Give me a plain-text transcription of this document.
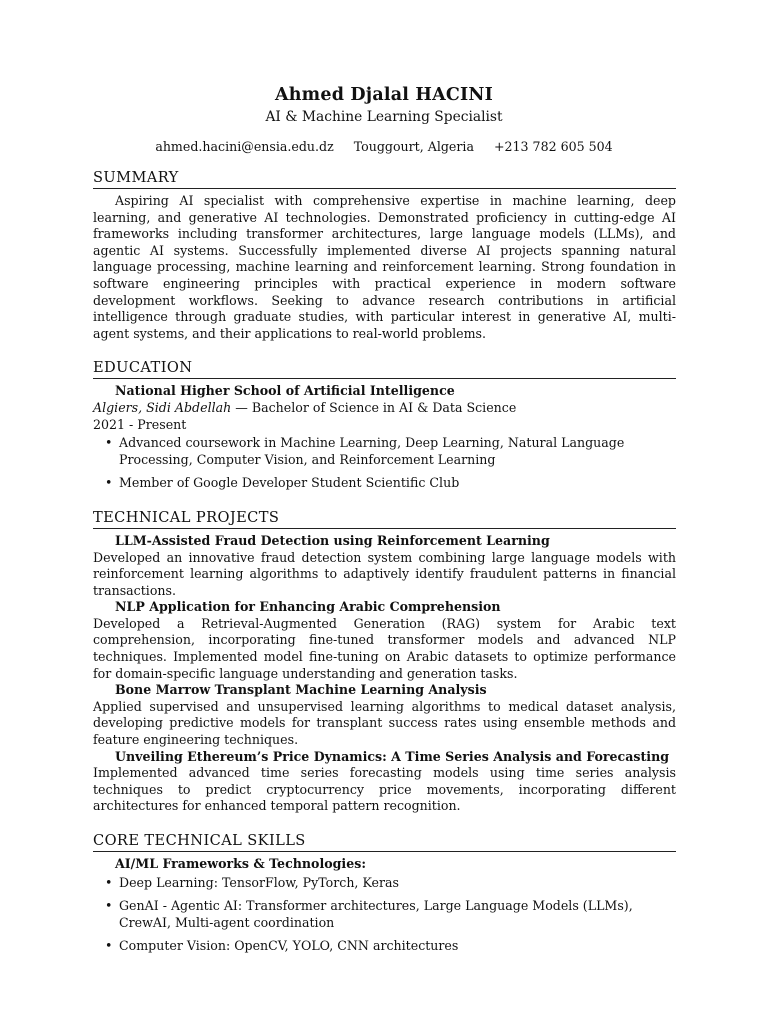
Ahmed Djalal HACINI
AI & Machine Learning Specialist
ahmed.hacini@ensia.edu.dz Touggourt, Algeria +213 782 605 504
SUMMARY
Aspiring AI specialist with comprehensive expertise in machine learning, deep learning, and generative AI technologies. Demonstrated proficiency in cutting-edge AI frameworks including transformer architectures, large language models (LLMs), and agentic AI systems. Successfully implemented diverse AI projects spanning natural language processing, machine learning and reinforcement learning. Strong foundation in software engineering principles with practical experience in modern software development workflows. Seeking to advance research contributions in artificial intelligence through graduate studies, with particular interest in generative AI, multi-agent systems, and their applications to real-world problems.
EDUCATION
National Higher School of Artificial Intelligence
Algiers, Sidi Abdellah — Bachelor of Science in AI & Data Science
2021 - Present
• Advanced coursework in Machine Learning, Deep Learning, Natural Language Processing, Computer Vision, and Reinforcement Learning
• Member of Google Developer Student Scientific Club
TECHNICAL PROJECTS
LLM-Assisted Fraud Detection using Reinforcement Learning
Developed an innovative fraud detection system combining large language models with reinforcement learning algorithms to adaptively identify fraudulent patterns in financial transactions.
NLP Application for Enhancing Arabic Comprehension
Developed a Retrieval-Augmented Generation (RAG) system for Arabic text comprehension, incorporating fine-tuned transformer models and advanced NLP techniques. Implemented model fine-tuning on Arabic datasets to optimize performance for domain-specific language understanding and generation tasks.
Bone Marrow Transplant Machine Learning Analysis
Applied supervised and unsupervised learning algorithms to medical dataset analysis, developing predictive models for transplant success rates using ensemble methods and feature engineering techniques.
Unveiling Ethereum’s Price Dynamics: A Time Series Analysis and Forecasting
Implemented advanced time series forecasting models using time series analysis techniques to predict cryptocurrency price movements, incorporating different architectures for enhanced temporal pattern recognition.
CORE TECHNICAL SKILLS
AI/ML Frameworks & Technologies:
• Deep Learning: TensorFlow, PyTorch, Keras
• GenAI - Agentic AI: Transformer architectures, Large Language Models (LLMs), CrewAI, Multi-agent coordination
• Computer Vision: OpenCV, YOLO, CNN architectures
